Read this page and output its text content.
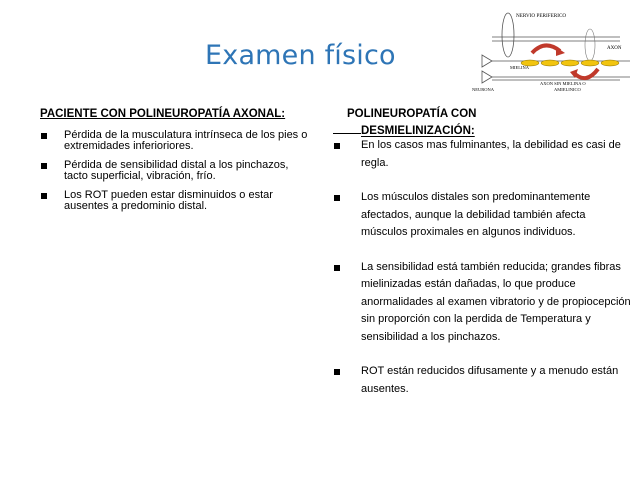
Examen físico
NERVIO PERIFERICO
AXON
MIELINA
NEURONA
AXON SIN MIELINA O
AMIELINICO
PACIENTE CON POLINEUROPATÍA AXONAL:
Pérdida de la musculatura intrínseca de los pies o extremidades inferioriores.
Pérdida de sensibilidad distal a los pinchazos, tacto superficial, vibración, frío.
Los ROT pueden estar disminuidos o estar ausentes a predominio distal.
POLINEUROPATÍA CON
DESMIELINIZACIÓN:
En los casos mas fulminantes, la debilidad es casi de regla.
Los músculos distales son predominantemente afectados, aunque la debilidad también afecta músculos proximales en algunos individuos.
La sensibilidad está también reducida; grandes fibras mielinizadas están dañadas, lo que produce anormalidades al examen vibratorio y de propiocepción sin proporción con la perdida de Temperatura y sensibilidad a los pinchazos.
ROT están reducidos difusamente y a menudo están ausentes.
